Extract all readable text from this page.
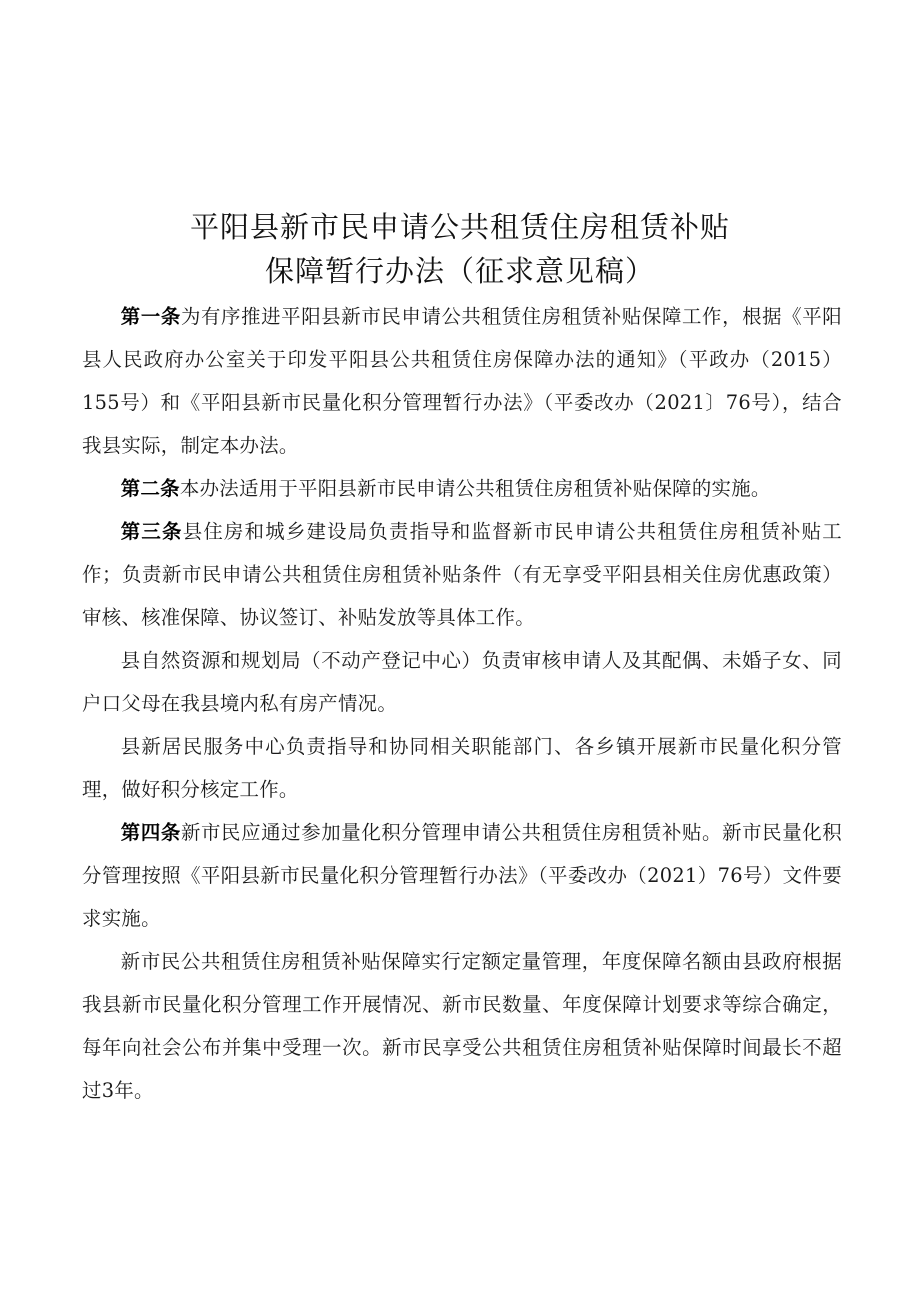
平阳县新市民申请公共租赁住房租赁补贴
保障暂行办法（征求意见稿）

第一条为有序推进平阳县新市民申请公共租赁住房租赁补贴保障工作，根据《平阳县人民政府办公室关于印发平阳县公共租赁住房保障办法的通知》（平政办（2015）155号）和《平阳县新市民量化积分管理暂行办法》（平委改办（2021〕76号），结合我县实际，制定本办法。

第二条本办法适用于平阳县新市民申请公共租赁住房租赁补贴保障的实施。

第三条县住房和城乡建设局负责指导和监督新市民申请公共租赁住房租赁补贴工作；负责新市民申请公共租赁住房租赁补贴条件（有无享受平阳县相关住房优惠政策）审核、核准保障、协议签订、补贴发放等具体工作。

县自然资源和规划局（不动产登记中心）负责审核申请人及其配偶、未婚子女、同户口父母在我县境内私有房产情况。

县新居民服务中心负责指导和协同相关职能部门、各乡镇开展新市民量化积分管理，做好积分核定工作。

第四条新市民应通过参加量化积分管理申请公共租赁住房租赁补贴。新市民量化积分管理按照《平阳县新市民量化积分管理暂行办法》（平委改办（2021）76号）文件要求实施。

新市民公共租赁住房租赁补贴保障实行定额定量管理，年度保障名额由县政府根据我县新市民量化积分管理工作开展情况、新市民数量、年度保障计划要求等综合确定，每年向社会公布并集中受理一次。新市民享受公共租赁住房租赁补贴保障时间最长不超过3年。
